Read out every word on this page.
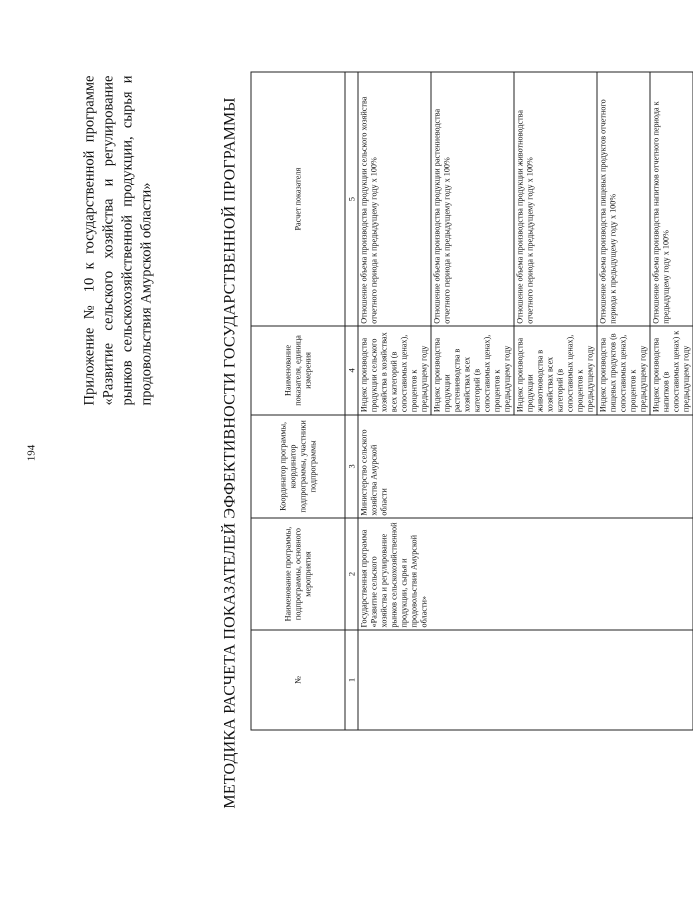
194
Приложение № 10 к государственной программе «Развитие сельского хозяйства и регулирование рынков сельскохозяйственной продукции, сырья и продовольствия Амурской области»	МЕТОДИКА РАСЧЕТА ПОКАЗАТЕЛЕЙ ЭФФЕКТИВНОСТИ ГОСУДАРСТВЕННОЙ ПРОГРАММЫ	№	Наименование программы, подпрограммы, основного мероприятия	Координатор программы, координатор подпрограммы, участники подпрограммы	Наименование показателя, единица измерения	Расчет показателя
1	2	3	4	5
	Государственная программа «Развитие сельского хозяйства и регулирование рынков сельскохозяйственной продукции, сырья и продовольствия Амурской области»	Министерство сельского хозяйства Амурской области	Индекс производства продукции сельского хозяйства в хозяйствах всех категорий (в сопоставимых ценах), процентов к предыдущему году	Отношение объема производства продукции сельского хозяйства отчетного периода к предыдущему году х 100%
			Индекс производства продукции растениеводства в хозяйствах всех категорий (в сопоставимых ценах), процентов к предыдущему году	Отношение объема производства продукции растениеводства отчетного периода к предыдущему году х 100%
			Индекс производства продукции животноводства в хозяйствах всех категорий (в сопоставимых ценах), процентов к предыдущему году	Отношение объема производства продукции животноводства отчетного периода к предыдущему году х 100%
			Индекс производства пищевых продуктов (в сопоставимых ценах), процентов к предыдущему году	Отношение объема производства пищевых продуктов отчетного периода к предыдущему году х 100%
			Индекс производства напитков (в сопоставимых ценах) к предыдущему году	Отношение объема производства напитков отчетного периода к предыдущему году х 100%
